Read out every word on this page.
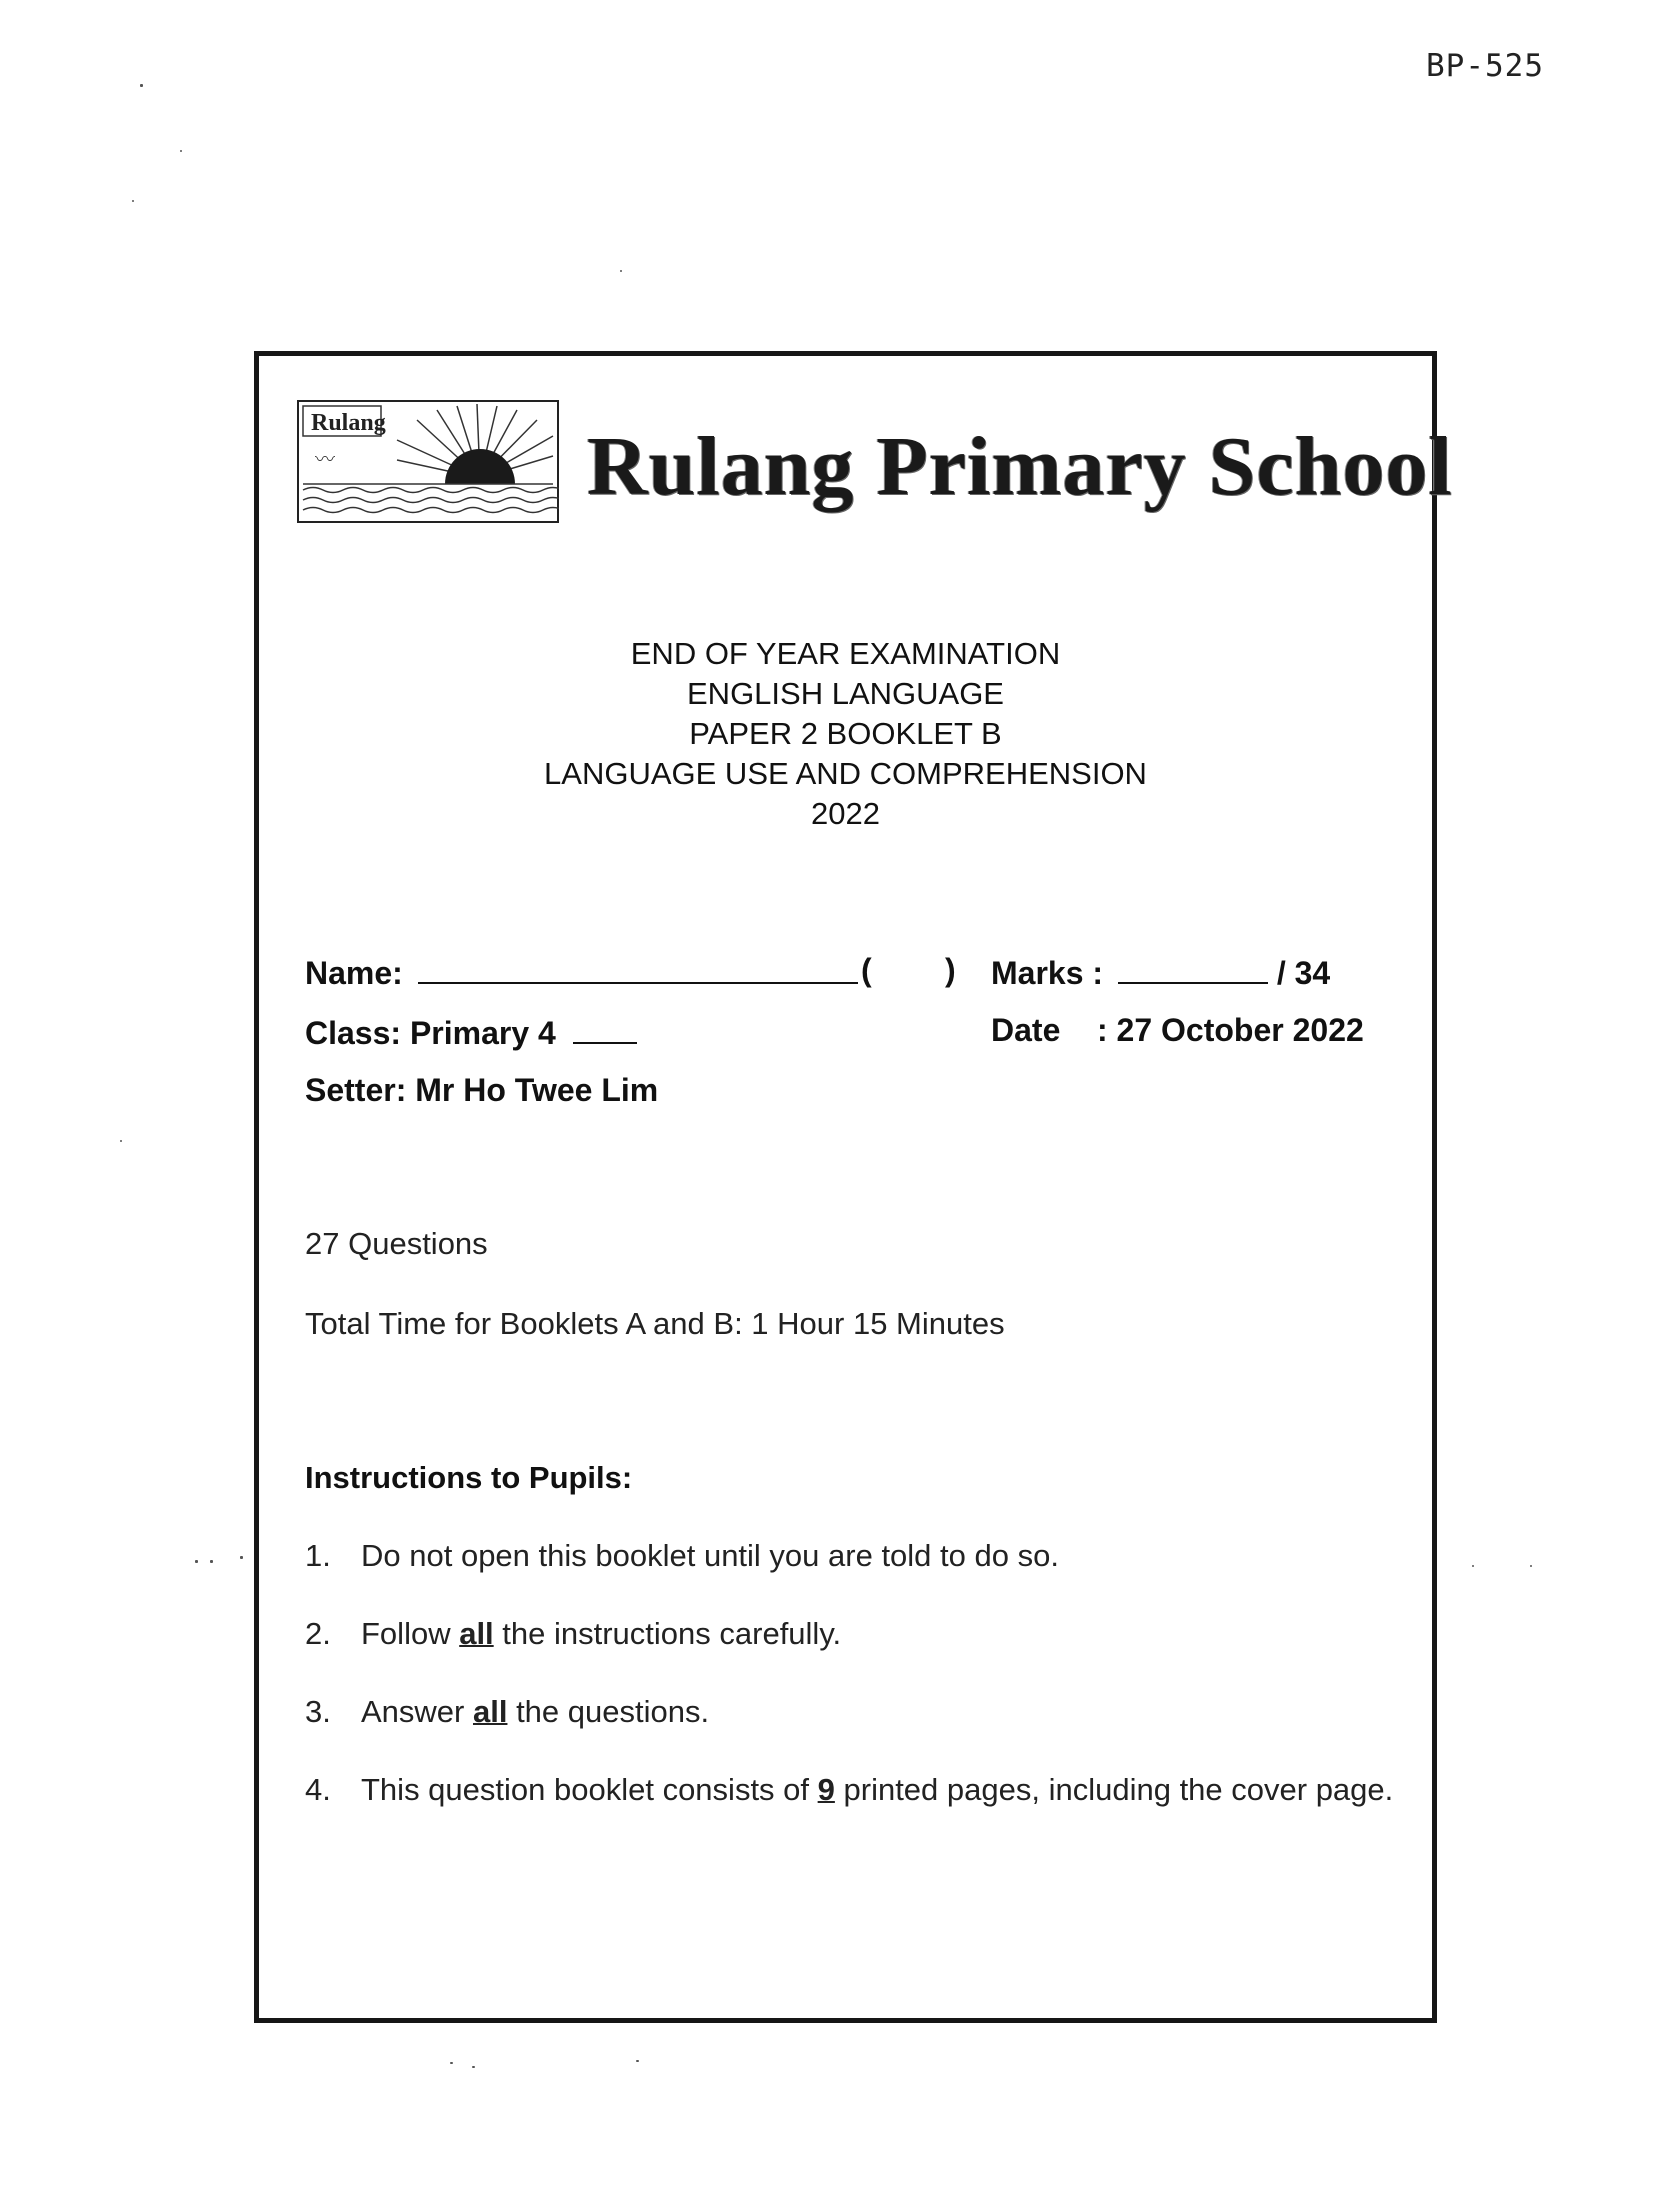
BP-525
Rulang
〰	Rulang Primary School
END OF YEAR EXAMINATION
ENGLISH LANGUAGE
PAPER 2 BOOKLET B
LANGUAGE USE AND COMPREHENSION
2022
Name:	( ) Marks :	/ 34
Class: Primary 4	Date : 27 October 2022
Setter: Mr Ho Twee Lim
27 Questions
Total Time for Booklets A and B: 1 Hour 15 Minutes
Instructions to Pupils:
1. Do not open this booklet until you are told to do so.
2. Follow all the instructions carefully.
3. Answer all the questions.
4. This question booklet consists of 9 printed pages, including the cover page.
